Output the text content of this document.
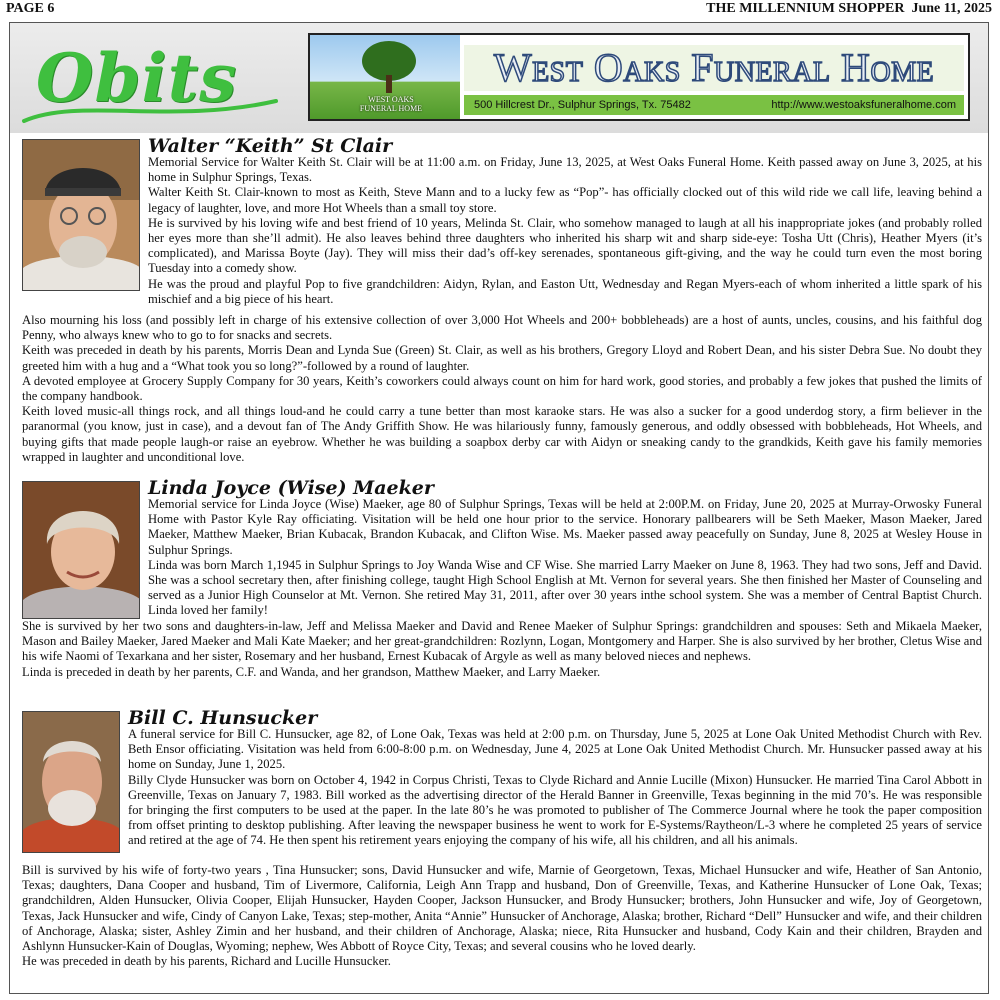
PAGE 6	THE MILLENNIUM SHOPPER June 11, 2025
Obits	WEST OAKS FUNERAL HOME
West Oaks Funeral Home
500 Hillcrest Dr., Sulphur Springs, Tx. 75482	http://www.westoaksfuneralhome.com
Walter “Keith” St Clair

Memorial Service for Walter Keith St. Clair will be at 11:00 a.m. on Friday, June 13, 2025, at West Oaks Funeral Home. Keith passed away on June 3, 2025, at his home in Sulphur Springs, Texas.

Walter Keith St. Clair-known to most as Keith, Steve Mann and to a lucky few as “Pop”- has officially clocked out of this wild ride we call life, leaving behind a legacy of laughter, love, and more Hot Wheels than a small toy store.

He is survived by his loving wife and best friend of 10 years, Melinda St. Clair, who somehow managed to laugh at all his inappropriate jokes (and probably rolled her eyes more than she’ll admit). He also leaves behind three daughters who inherited his sharp wit and sharp side-eye: Tosha Utt (Chris), Heather Myers (it’s complicated), and Marissa Boyte (Jay). They will miss their dad’s off-key serenades, spontaneous gift-giving, and the way he could turn even the most boring Tuesday into a comedy show.

He was the proud and playful Pop to five grandchildren: Aidyn, Rylan, and Easton Utt, Wednesday and Regan Myers-each of whom inherited a little spark of his mischief and a big piece of his heart.

Also mourning his loss (and possibly left in charge of his extensive collection of over 3,000 Hot Wheels and 200+ bobbleheads) are a host of aunts, uncles, cousins, and his faithful dog Penny, who always knew who to go to for snacks and secrets.

Keith was preceded in death by his parents, Morris Dean and Lynda Sue (Green) St. Clair, as well as his brothers, Gregory Lloyd and Robert Dean, and his sister Debra Sue. No doubt they greeted him with a hug and a “What took you so long?”-followed by a round of laughter.

A devoted employee at Grocery Supply Company for 30 years, Keith’s coworkers could always count on him for hard work, good stories, and probably a few jokes that pushed the limits of the company handbook.

Keith loved music-all things rock, and all things loud-and he could carry a tune better than most karaoke stars. He was also a sucker for a good underdog story, a firm believer in the paranormal (you know, just in case), and a devout fan of The Andy Griffith Show. He was hilariously funny, famously generous, and oddly obsessed with bobbleheads, Hot Wheels, and buying gifts that made people laugh-or raise an eyebrow. Whether he was building a soapbox derby car with Aidyn or sneaking candy to the grandkids, Keith gave his family memories wrapped in laughter and unconditional love.

Linda Joyce (Wise) Maeker

Memorial service for Linda Joyce (Wise) Maeker, age 80 of Sulphur Springs, Texas will be held at 2:00P.M. on Friday, June 20, 2025 at Murray-Orwosky Funeral Home with Pastor Kyle Ray officiating. Visitation will be held one hour prior to the service. Honorary pallbearers will be Seth Maeker, Mason Maeker, Jared Maeker, Matthew Maeker, Brian Kubacak, Brandon Kubacak, and Clifton Wise. Ms. Maeker passed away peacefully on Sunday, June 8, 2025 at Wesley House in Sulphur Springs.

Linda was born March 1,1945 in Sulphur Springs to Joy Wanda Wise and CF Wise. She married Larry Maeker on June 8, 1963. They had two sons, Jeff and David. She was a school secretary then, after finishing college, taught High School English at Mt. Vernon for several years. She then finished her Master of Counseling and served as a Junior High Counselor at Mt. Vernon. She retired May 31, 2011, after over 30 years inthe school system. She was a member of Central Baptist Church. Linda loved her family!

She is survived by her two sons and daughters-in-law, Jeff and Melissa Maeker and David and Renee Maeker of Sulphur Springs: grandchildren and spouses: Seth and Mikaela Maeker, Mason and Bailey Maeker, Jared Maeker and Mali Kate Maeker; and her great-grandchildren: Rozlynn, Logan, Montgomery and Harper. She is also survived by her brother, Cletus Wise and his wife Naomi of Texarkana and her sister, Rosemary and her husband, Ernest Kubacak of Argyle as well as many beloved nieces and nephews.

Linda is preceded in death by her parents, C.F. and Wanda, and her grandson, Matthew Maeker, and Larry Maeker.

Bill C. Hunsucker

A funeral service for Bill C. Hunsucker, age 82, of Lone Oak, Texas was held at 2:00 p.m. on Thursday, June 5, 2025 at Lone Oak United Methodist Church with Rev. Beth Ensor officiating. Visitation was held from 6:00-8:00 p.m. on Wednesday, June 4, 2025 at Lone Oak United Methodist Church. Mr. Hunsucker passed away at his home on Sunday, June 1, 2025.

Billy Clyde Hunsucker was born on October 4, 1942 in Corpus Christi, Texas to Clyde Richard and Annie Lucille (Mixon) Hunsucker. He married Tina Carol Abbott in Greenville, Texas on January 7, 1983. Bill worked as the advertising director of the Herald Banner in Greenville, Texas beginning in the mid 70’s. He was responsible for bringing the first computers to be used at the paper. In the late 80’s he was promoted to publisher of The Commerce Journal where he took the paper composition from offset printing to desktop publishing. After leaving the newspaper business he went to work for E-Systems/Raytheon/L-3 where he completed 25 years of service and retired at the age of 74. He then spent his retirement years enjoying the company of his wife, all his children, and all his animals.

Bill is survived by his wife of forty-two years , Tina Hunsucker; sons, David Hunsucker and wife, Marnie of Georgetown, Texas, Michael Hunsucker and wife, Heather of San Antonio, Texas; daughters, Dana Cooper and husband, Tim of Livermore, California, Leigh Ann Trapp and husband, Don of Greenville, Texas, and Katherine Hunsucker of Lone Oak, Texas; grandchildren, Alden Hunsucker, Olivia Cooper, Elijah Hunsucker, Hayden Cooper, Jackson Hunsucker, and Brody Hunsucker; brothers, John Hunsucker and wife, Joy of Georgetown, Texas, Jack Hunsucker and wife, Cindy of Canyon Lake, Texas; step-mother, Anita “Annie” Hunsucker of Anchorage, Alaska; brother, Richard “Dell” Hunsucker and wife, and their children of Anchorage, Alaska; sister, Ashley Zimin and her husband, and their children of Anchorage, Alaska; niece, Rita Hunsucker and husband, Cody Kain and their children, Brayden and Ashlynn Hunsucker-Kain of Douglas, Wyoming; nephew, Wes Abbott of Royce City, Texas; and several cousins who he loved dearly.

He was preceded in death by his parents, Richard and Lucille Hunsucker.
